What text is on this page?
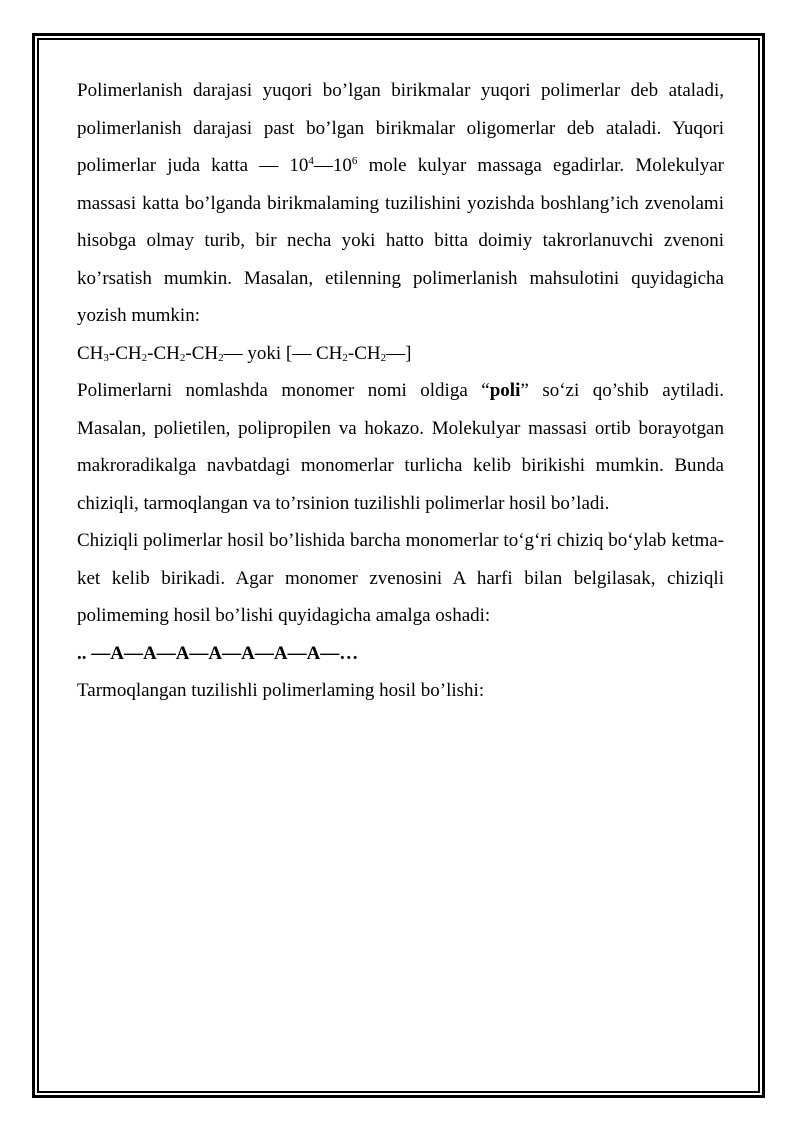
Polimerlanish darajasi yuqori bo’lgan birikmalar yuqori polimerlar deb ataladi, polimerlanish darajasi past bo’lgan birikmalar oligomerlar deb ataladi. Yuqori polimerlar juda katta — $10^4—10^6$ mole kulyar massaga egadirlar. Molekulyar massasi katta bo’lganda birikmalaming tuzilishini yozishda boshlang’ich zvenolami hisobga olmay turib, bir necha yoki hatto bitta doimiy takrorlanuvchi zvenoni ko’rsatish mumkin. Masalan, etilenning polimerlanish mahsulotini quyidagicha yozish mumkin:

$CH_3-CH_2-CH_2-CH_2—$ yoki [— $CH_2-CH_2—$]

Polimerlarni nomlashda monomer nomi oldiga “poli” so‘zi qo’shib aytiladi. Masalan, polietilen, polipropilen va hokazo. Molekulyar massasi ortib borayotgan makroradikalga navbatdagi monomerlar turlicha kelib birikishi mumkin. Bunda chiziqli, tarmoqlangan va to’rsinion tuzilishli polimerlar hosil bo’ladi.

Chiziqli polimerlar hosil bo’lishida barcha monomerlar to‘g‘ri chiziq bo‘ylab ketma-ket kelib birikadi. Agar monomer zvenosini A harfi bilan belgilasak, chiziqli polimeming hosil bo’lishi quyidagicha amalga oshadi:

.. —A—A—A—A—A—A—A—…

Tarmoqlangan tuzilishli polimerlaming hosil bo’lishi:
